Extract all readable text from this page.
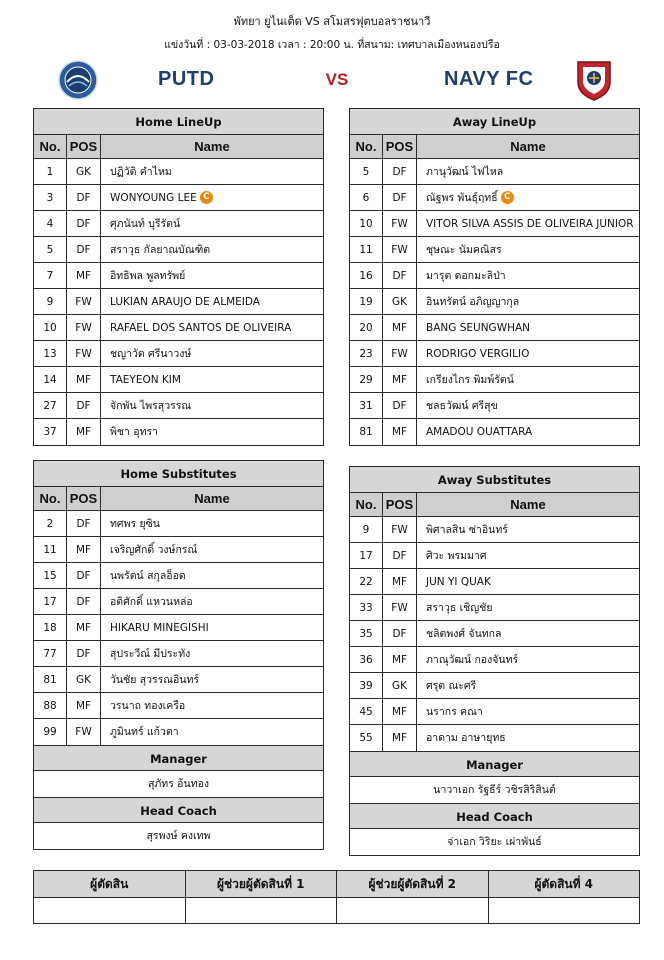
พัทยา ยูไนเต็ด VS สโมสรฟุตบอลราชนาวี
แข่งวันที่ : 03-03-2018 เวลา : 20:00 น. ที่สนาม: เทศบาลเมืองหนองปรือ
PUTD	VS	NAVY FC
Home LineUp
No. POS	Name
1	GK	ปฏิวัติ คำไหม
3	DF	WONYOUNG LEE C
4	DF	ศุภนันท์ บุรีรัตน์
5	DF	สราวุธ กัลยาณบัณฑิต
7	MF	อิทธิพล พูลทรัพย์
9	FW	LUKIAN ARAUJO DE ALMEIDA
10	FW	RAFAEL DOS SANTOS DE OLIVEIRA
13	FW	ชญาวัต ศรีนาวงษ์
14	MF	TAEYEON KIM
27	DF	จักพัน ไพรสุวรรณ
37	MF	พิชา อุทรา
Away LineUp
No. POS	Name
5	DF	ภานุวัฒน์ ไฟไหล
6	DF	ณัฐพร พันธุ์ฤทธิ์ C
10	FW	VITOR SILVA ASSIS DE OLIVEIRA JUNIOR
11	FW	ชุษณะ นัมคณิสร
16	DF	มารุต ดอกมะลิป่า
19	GK	อินทรัตน์ อภิญญากุล
20	MF	BANG SEUNGWHAN
23	FW	RODRIGO VERGILIO
29	MF	เกรียงไกร พิมพ์รัตน์
31	DF	ชลธวัฒน์ ศรีสุข
81	MF	AMADOU OUATTARA
Home Substitutes
No. POS	Name
2	DF	ทศพร ยุซิน
11	MF	เจริญศักดิ์ วงษ์กรณ์
15	DF	นพรัตน์ สกุลอ็อด
17	DF	อติศักดิ์ แหวนหล่อ
18	MF	HIKARU MINEGISHI
77	DF	สุประวีณ์ มีประทัง
81	GK	วันชัย สุวรรณอินทร์
88	MF	วรนาถ ทองเครือ
99	FW	ภูมินทร์ แก้วตา
Manager
สุภัทร อ้นทอง
Head Coach
สุรพงษ์ คงเทพ
Away Substitutes
No. POS	Name
9	FW	พิศาลสิน ซ่าอินทร์
17	DF	ศิวะ พรมมาศ
22	MF	JUN YI QUAK
33	FW	สราวุธ เชิญชัย
35	DF	ชลิตพงศ์ จันทกล
36	MF	ภาณุวัฒน์ กองจันทร์
39	GK	ศรุต ณะศรี
45	MF	นรากร คณา
55	MF	อาดาม อาษายุทธ
Manager
นาวาเอก รัฐธีร์ วชิรสิริสินต์
Head Coach
จ่าเอก วิริยะ เผ่าพันธ์
ผู้ตัดสิน	ผู้ช่วยผู้ตัดสินที่ 1	ผู้ช่วยผู้ตัดสินที่ 2	ผู้ตัดสินที่ 4
